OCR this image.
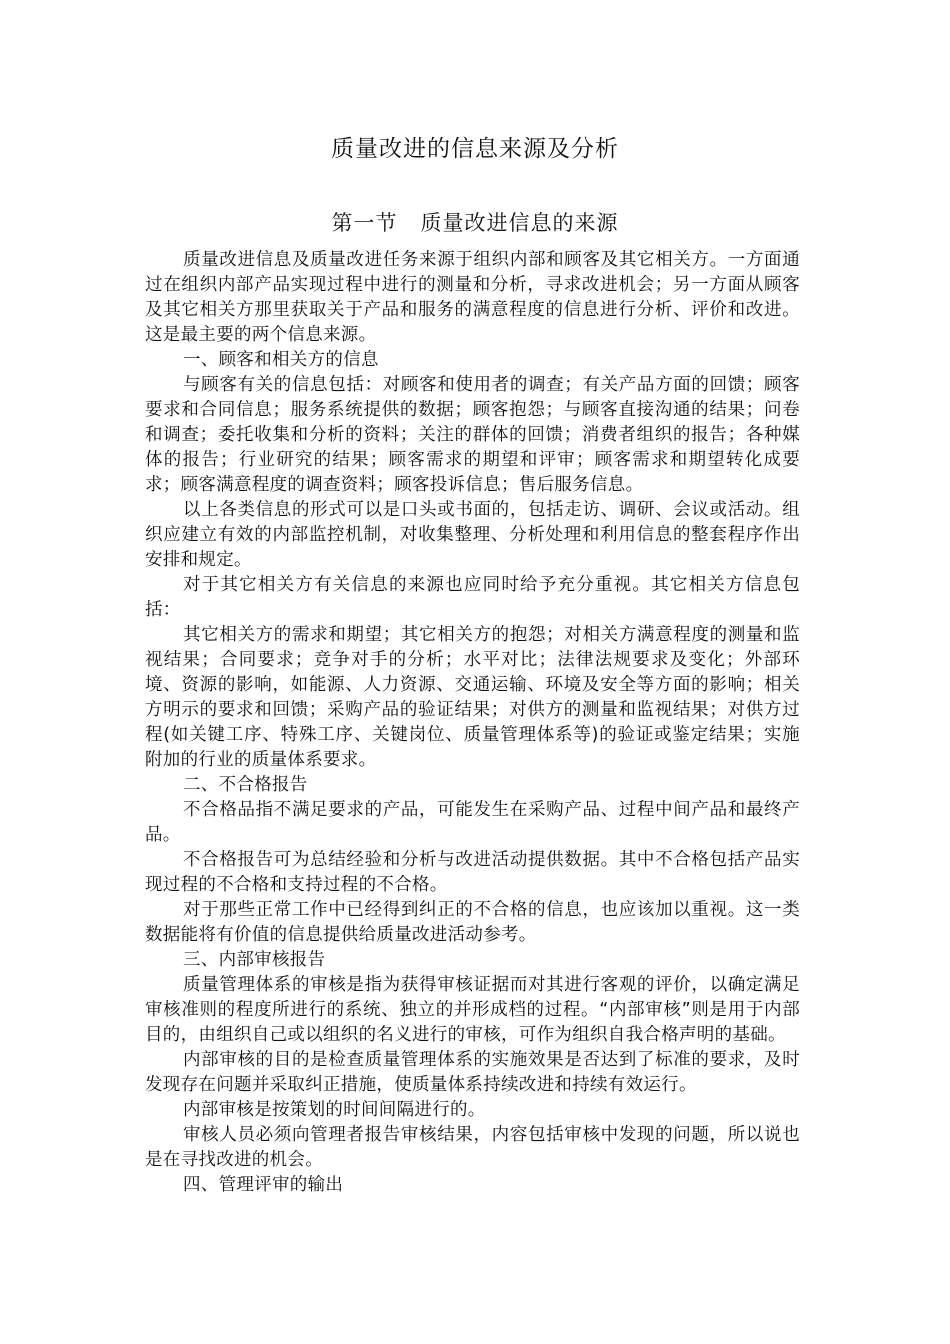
质量改进的信息来源及分析
第一节   质量改进信息的来源

质量改进信息及质量改进任务来源于组织内部和顾客及其它相关方。一方面通过在组织内部产品实现过程中进行的测量和分析，寻求改进机会；另一方面从顾客及其它相关方那里获取关于产品和服务的满意程度的信息进行分析、评价和改进。这是最主要的两个信息来源。

一、顾客和相关方的信息

与顾客有关的信息包括：对顾客和使用者的调查；有关产品方面的回馈；顾客要求和合同信息；服务系统提供的数据；顾客抱怨；与顾客直接沟通的结果；问卷和调查；委托收集和分析的资料；关注的群体的回馈；消费者组织的报告；各种媒体的报告；行业研究的结果；顾客需求的期望和评审；顾客需求和期望转化成要求；顾客满意程度的调查资料；顾客投诉信息；售后服务信息。

以上各类信息的形式可以是口头或书面的，包括走访、调研、会议或活动。组织应建立有效的内部监控机制，对收集整理、分析处理和利用信息的整套程序作出安排和规定。

对于其它相关方有关信息的来源也应同时给予充分重视。其它相关方信息包括：

其它相关方的需求和期望；其它相关方的抱怨；对相关方满意程度的测量和监视结果；合同要求；竞争对手的分析；水平对比；法律法规要求及变化；外部环境、资源的影响，如能源、人力资源、交通运输、环境及安全等方面的影响；相关方明示的要求和回馈；采购产品的验证结果；对供方的测量和监视结果；对供方过程(如关键工序、特殊工序、关键岗位、质量管理体系等)的验证或鉴定结果；实施附加的行业的质量体系要求。

二、不合格报告

不合格品指不满足要求的产品，可能发生在采购产品、过程中间产品和最终产品。

不合格报告可为总结经验和分析与改进活动提供数据。其中不合格包括产品实现过程的不合格和支持过程的不合格。

对于那些正常工作中已经得到纠正的不合格的信息，也应该加以重视。这一类数据能将有价值的信息提供给质量改进活动参考。

三、内部审核报告

质量管理体系的审核是指为获得审核证据而对其进行客观的评价，以确定满足审核准则的程度所进行的系统、独立的并形成档的过程。“内部审核”则是用于内部目的，由组织自己或以组织的名义进行的审核，可作为组织自我合格声明的基础。

内部审核的目的是检查质量管理体系的实施效果是否达到了标准的要求，及时发现存在问题并采取纠正措施，使质量体系持续改进和持续有效运行。

内部审核是按策划的时间间隔进行的。

审核人员必须向管理者报告审核结果，内容包括审核中发现的问题，所以说也是在寻找改进的机会。

四、管理评审的输出
